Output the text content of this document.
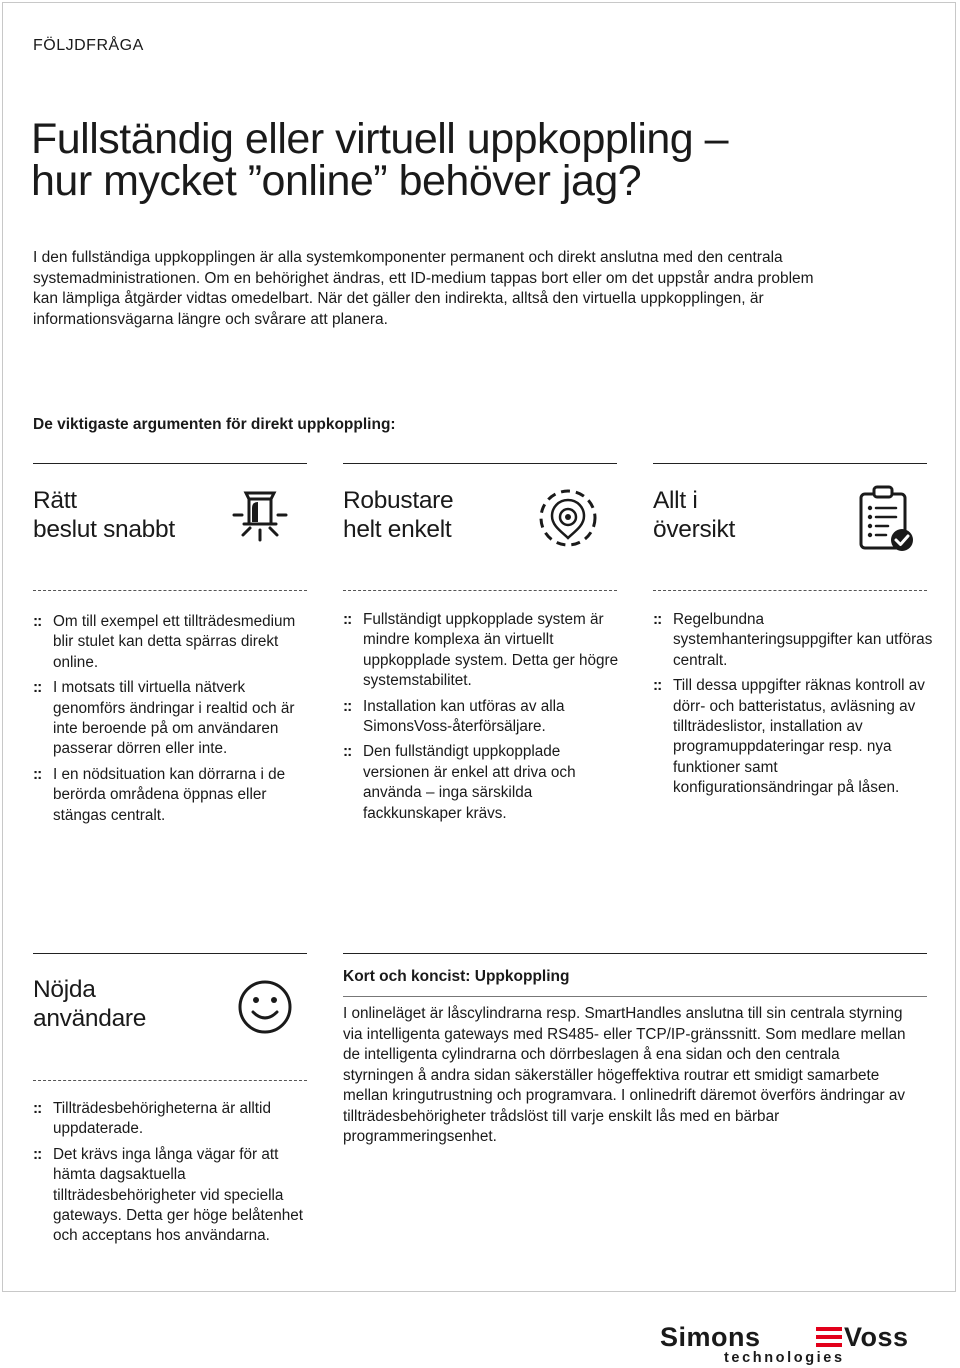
FÖLJDFRÅGA
Fullständig eller virtuell uppkoppling –
hur mycket ”online” behöver jag?

I den fullständiga uppkopplingen är alla systemkomponenter permanent och direkt anslutna med den centrala systemadministrationen. Om en behörighet ändras, ett ID-medium tappas bort eller om det uppstår andra problem kan lämpliga åtgärder vidtas omedelbart. När det gäller den indirekta, alltså den virtuella uppkopplingen, är informationsvägarna längre och svårare att planera.

De viktigaste argumenten för direkt uppkoppling:
Rätt
beslut snabbt
:: Om till exempel ett tillträdesmedium blir stulet kan detta spärras direkt online.
:: I motsats till virtuella nätverk genomförs ändringar i realtid och är inte beroende på om användaren passerar dörren eller inte.
:: I en nödsituation kan dörrarna i de berörda områdena öppnas eller stängas centralt.
Robustare
helt enkelt
:: Fullständigt uppkopplade system är mindre komplexa än virtuellt uppkopplade system. Detta ger högre systemstabilitet.
:: Installation kan utföras av alla SimonsVoss-återförsäljare.
:: Den fullständigt uppkopplade versionen är enkel att driva och använda – inga särskilda fackkunskaper krävs.
Allt i
översikt
:: Regelbundna systemhanteringsuppgifter kan utföras centralt.
:: Till dessa uppgifter räknas kontroll av dörr- och batteristatus, avläsning av tillträdeslistor, installation av programuppdateringar resp. nya funktioner samt konfigurationsändringar på låsen.
Nöjda
användare
:: Tillträdesbehörigheterna är alltid uppdaterade.
:: Det krävs inga långa vägar för att hämta dagsaktuella tillträdesbehörigheter vid speciella gateways. Detta ger höge belåtenhet och acceptans hos användarna.
Kort och koncist: Uppkoppling

I onlineläget är låscylindrarna resp. SmartHandles anslutna till sin centrala styrning via intelligenta gateways med RS485- eller TCP/IP-gränssnitt. Som medlare mellan de intelligenta cylindrarna och dörrbeslagen å ena sidan och den centrala styrningen å andra sidan säkerställer högeffektiva routrar ett smidigt samarbete mellan kringutrustning och programvara. I onlinedrift däremot överförs ändringar av tillträdesbehörigheter trådslöst till varje enskilt lås med en bärbar programmeringsenhet.

Simons	Voss
technologies
